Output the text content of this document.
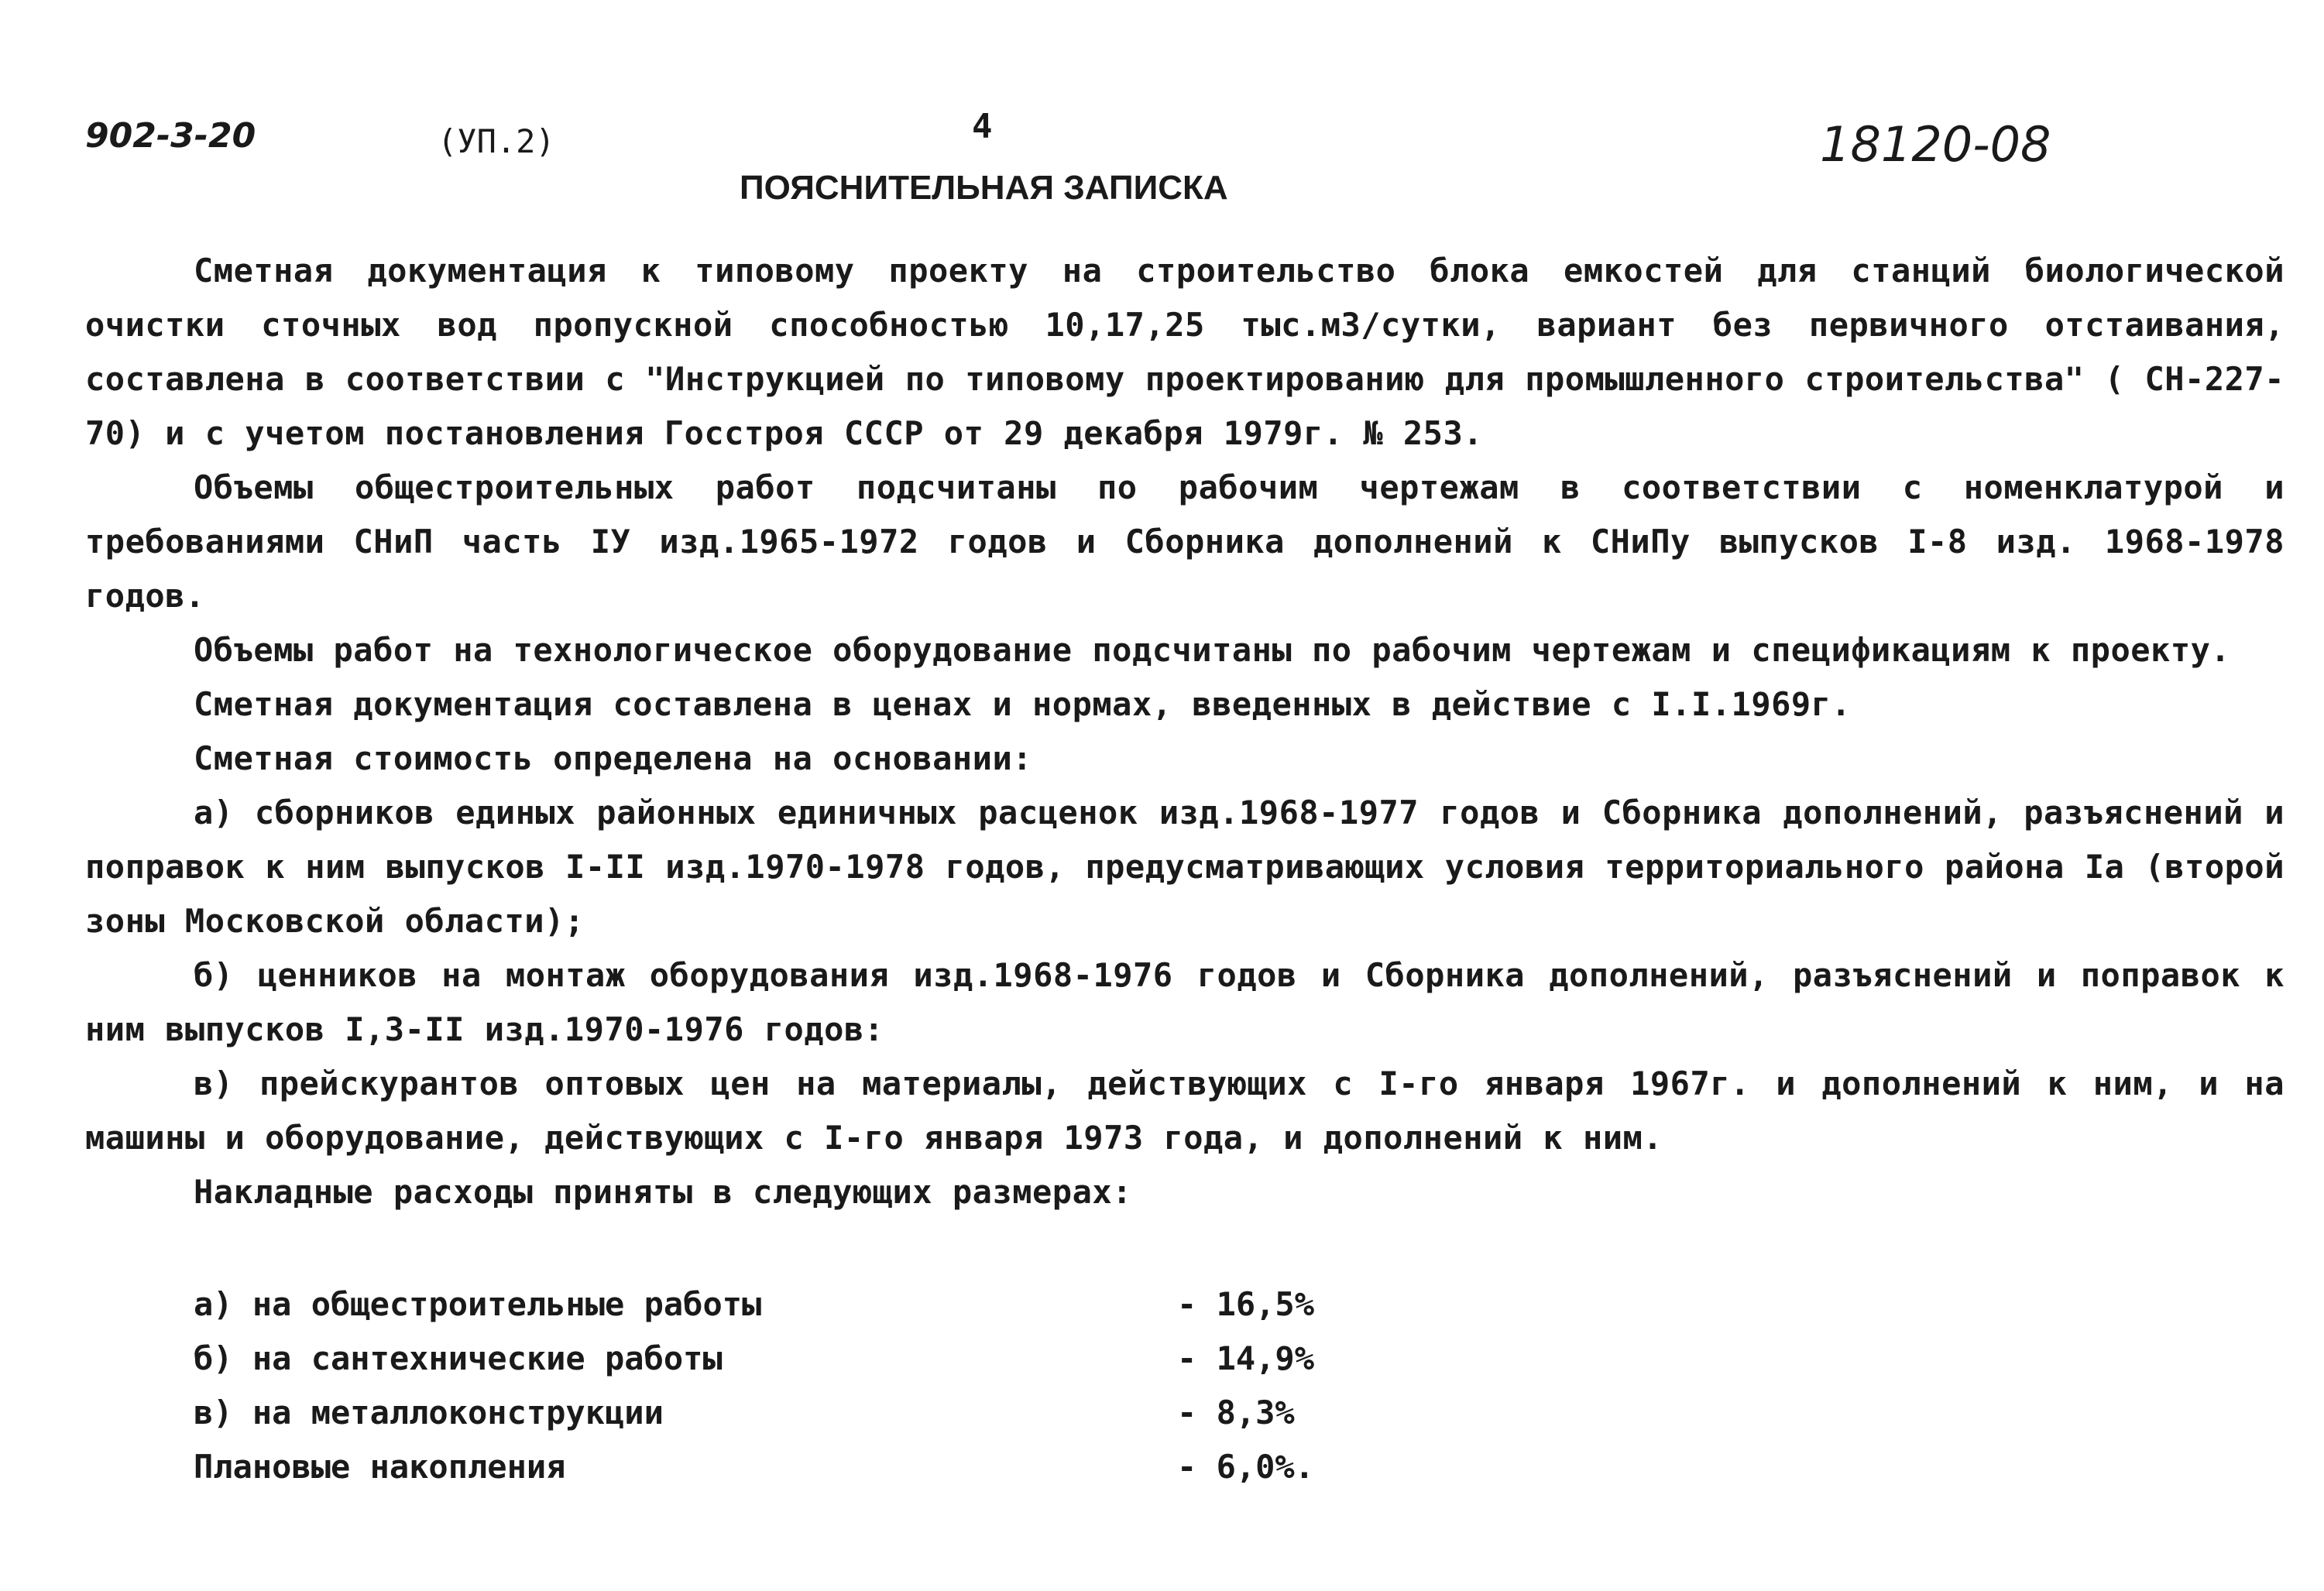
902-3-20	(УП.2)	4
ПОЯСНИТЕЛЬНАЯ ЗАПИСКА
18120-08

Сметная документация к типовому проекту на строительство блока емкостей для станций биологической очистки сточных вод пропускной способностью 10,17,25 тыс.м3/сутки, вариант без первичного отстаивания, составлена в соответствии с "Инструкцией по типовому проектированию для промышленного строительства" ( СН-227-70) и с учетом постановления Госстроя СССР от 29 декабря 1979г. № 253.

Объемы общестроительных работ подсчитаны по рабочим чертежам в соответствии с номенклатурой и требованиями СНиП часть IУ изд.1965-1972 годов и Сборника дополнений к СНиПу выпусков I-8 изд. 1968-1978 годов.

Объемы работ на технологическое оборудование подсчитаны по рабочим чертежам и спецификациям к проекту.

Сметная документация составлена в ценах и нормах, введенных в действие с I.I.1969г.

Сметная стоимость определена на основании:

а) сборников единых районных единичных расценок изд.1968-1977 годов и Сборника дополнений, разъяснений и поправок к ним выпусков I-II изд.1970-1978 годов, предусматривающих условия территориального района Iа (второй зоны Московской области);

б) ценников на монтаж оборудования изд.1968-1976 годов и Сборника дополнений, разъяснений и поправок к ним выпусков I,3-II изд.1970-1976 годов:

в) прейскурантов оптовых цен на материалы, действующих с I-го января 1967г. и дополнений к ним, и на машины и оборудование, действующих с I-го января 1973 года, и дополнений к ним.

Накладные расходы приняты в следующих размерах:

а) на общестроительные работы	- 16,5%
б) на сантехнические работы	- 14,9%
в) на металлоконструкции	- 8,3%
Плановые накопления	- 6,0%.
